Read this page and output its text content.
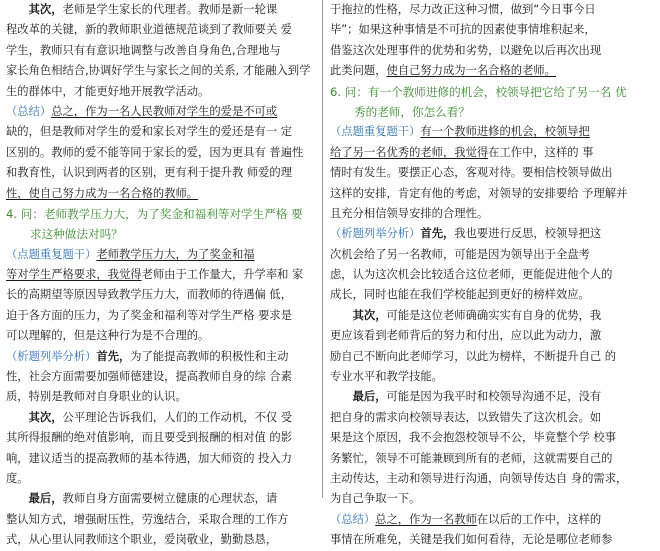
　　其次，老师是学生家长的代理者。教师是新一轮课
程改革的关键，新的教师职业道德规范谈到了教师要关 爱
学生，教师只有有意识地调整与改善自身角色,合理地与
家长角色相结合,协调好学生与家长之间的关系, 才能融入到学
生的群体中，才能更好地开展教学活动。
（总结）总之，作为一名人民教师对学生的爱是不可或
缺的，但是教师对学生的爱和家长对学生的爱还是有一 定
区别的。教师的爱不能等同于家长的爱，因为更具有 普遍性
和教育性，认识到两者的区别，更有利于提升教 师爱的理
性，使自己努力成为一名合格的教师。
4. 问：老师教学压力大，为了奖金和福利等对学生严格 要
求这种做法对吗？
（点题重复题干）老师教学压力大，为了奖金和福
等对学生严格要求，我觉得老师由于工作量大，升学率和 家
长的高期望等原因导致教学压力大，而教师的待遇偏 低，
迫于各方面的压力，为了奖金和福利等对学生严格 要求是
可以理解的，但是这种行为是不合理的。
（析题列举分析）首先，为了能提高教师的积极性和主动
性，社会方面需要加强师德建设，提高教师自身的综 合素
质，特别是教师对自身职业的认识。
　　其次，公平理论告诉我们，人们的工作动机，不仅 受
其所得报酬的绝对值影响，而且要受到报酬的相对值 的影
响，建议适当的提高教师的基本待遇，加大师资的 投入力
度。
　　最后，教师自身方面需要树立健康的心理状态，请
整认知方式，增强耐压性，劳逸结合，采取合理的工作方
式，从心里认同教师这个职业，爱岗敬业，勤勤恳恳，
于拖拉的性格，尽力改正这种习惯，做到“今日事今日
毕”；如果这种事情是不可抗的因素使事情堆积起来，
借鉴这次处理事件的优势和劣势，以避免以后再次出现
此类问题，使自己努力成为一名合格的老师。
6. 问：有一个教师进修的机会，校领导把它给了另一名 优
秀的老师，你怎么看？
（点题重复题干）有一个教师进修的机会，校领导把
给了另一名优秀的老师，我觉得在工作中，这样的 事
情时有发生。要摆正心态，客观对待。要相信校领导做出
这样的安排，肯定有他的考虑，对领导的安排要给 予理解并
且充分相信领导安排的合理性。
（析题列举分析）首先，我也要进行反思，校领导把这
次机会给了另一名教师，可能是因为领导出于全盘考
虑，认为这次机会比较适合这位老师，更能促进他个人的
成长，同时也能在我们学校能起到更好的榜样效应。
　　其次，可能是这位老师确确实实有自身的优势，我
更应该看到老师背后的努力和付出，应以此为动力，激
励自己不断向此老师学习，以此为榜样，不断提升自己 的
专业水平和教学技能。
　　最后，可能是因为我平时和校领导沟通不足，没有
把自身的需求向校领导表达，以致错失了这次机会。如
果是这个原因，我不会抱怨校领导不公，毕竟整个学 校事
务繁忙，领导不可能兼顾到所有的老师，这就需要自己的
主动传达，主动和领导进行沟通，向领导传达自 身的需求，
为自己争取一下。
（总结）总之，作为一名教师在以后的工作中，这样的
事情在所难免，关键是我们如何看待，无论是哪位老师参
